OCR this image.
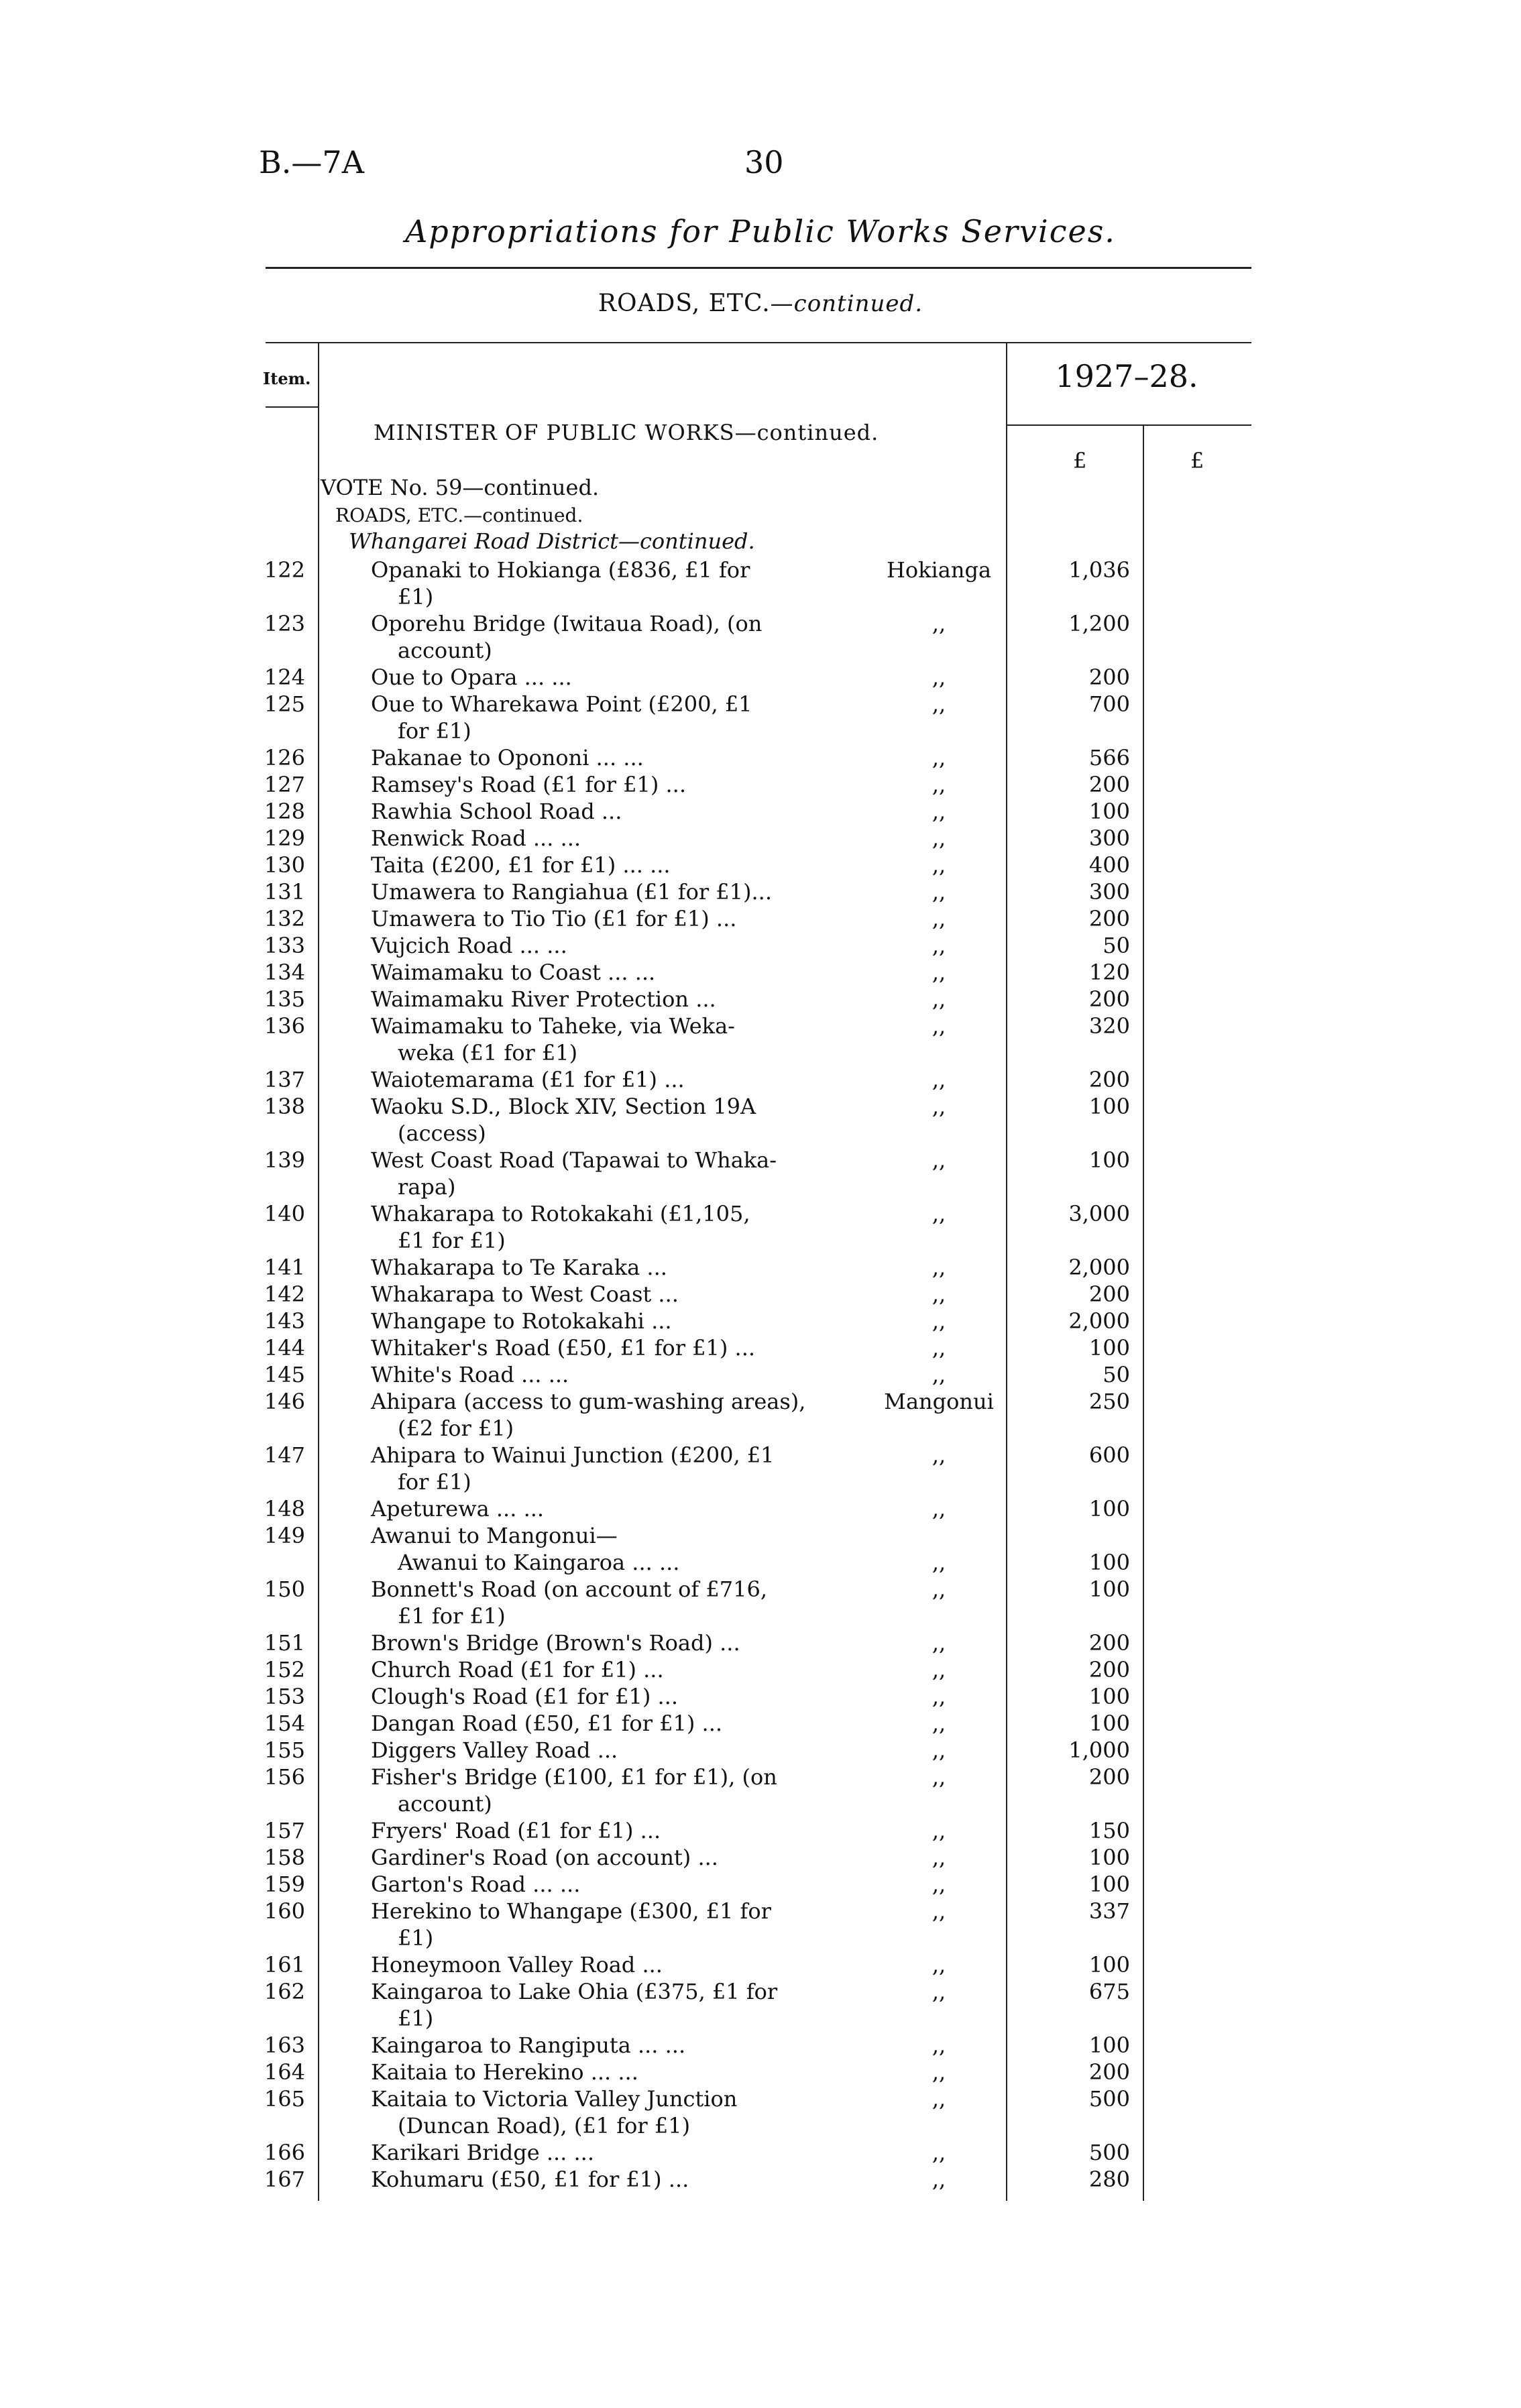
B.—7A	30
Appropriations for Public Works Services.
ROADS, ETC.—continued.
Item.	1927–28.
£	£
MINISTER OF PUBLIC WORKS—continued.
VOTE No. 59—continued.
ROADS, ETC.—continued.
Whangarei Road District—continued.
122	Opanaki to Hokianga (£836, £1 for
£1)
Hokianga	1,036
123	Oporehu Bridge (Iwitaua Road), (on
account)
,,	1,200
124	Oue to Opara ... ...	,,	200
125	Oue to Wharekawa Point (£200, £1
for £1)
,,	700
126	Pakanae to Opononi ... ...	,,	566
127	Ramsey's Road (£1 for £1) ...	,,	200
128	Rawhia School Road ...	,,	100
129	Renwick Road ... ...	,,	300
130	Taita (£200, £1 for £1) ... ...	,,	400
131	Umawera to Rangiahua (£1 for £1)...	,,	300
132	Umawera to Tio Tio (£1 for £1) ...	,,	200
133	Vujcich Road ... ...	,,	50
134	Waimamaku to Coast ... ...	,,	120
135	Waimamaku River Protection ...	,,	200
136	Waimamaku to Taheke, via Weka-
weka (£1 for £1)
,,	320
137	Waiotemarama (£1 for £1) ...	,,	200
138	Waoku S.D., Block XIV, Section 19A
(access)
,,	100
139	West Coast Road (Tapawai to Whaka-
rapa)
,,	100
140	Whakarapa to Rotokakahi (£1,105,
£1 for £1)
,,	3,000
141	Whakarapa to Te Karaka ...	,,	2,000
142	Whakarapa to West Coast ...	,,	200
143	Whangape to Rotokakahi ...	,,	2,000
144	Whitaker's Road (£50, £1 for £1) ...	,,	100
145	White's Road ... ...	,,	50
146	Ahipara (access to gum-washing areas),
(£2 for £1)
Mangonui	250
147	Ahipara to Wainui Junction (£200, £1
for £1)
,,	600
148	Apeturewa ... ...	,,	100
149	Awanui to Mangonui—
Awanui to Kaingaroa ... ...	,,	100
150	Bonnett's Road (on account of £716,
£1 for £1)
,,	100
151	Brown's Bridge (Brown's Road) ...	,,	200
152	Church Road (£1 for £1) ...	,,	200
153	Clough's Road (£1 for £1) ...	,,	100
154	Dangan Road (£50, £1 for £1) ...	,,	100
155	Diggers Valley Road ...	,,	1,000
156	Fisher's Bridge (£100, £1 for £1), (on
account)
,,	200
157	Fryers' Road (£1 for £1) ...	,,	150
158	Gardiner's Road (on account) ...	,,	100
159	Garton's Road ... ...	,,	100
160	Herekino to Whangape (£300, £1 for
£1)
,,	337
161	Honeymoon Valley Road ...	,,	100
162	Kaingaroa to Lake Ohia (£375, £1 for
£1)
,,	675
163	Kaingaroa to Rangiputa ... ...	,,	100
164	Kaitaia to Herekino ... ...	,,	200
165	Kaitaia to Victoria Valley Junction
(Duncan Road), (£1 for £1)
,,	500
166	Karikari Bridge ... ...	,,	500
167	Kohumaru (£50, £1 for £1) ...	,,	280
